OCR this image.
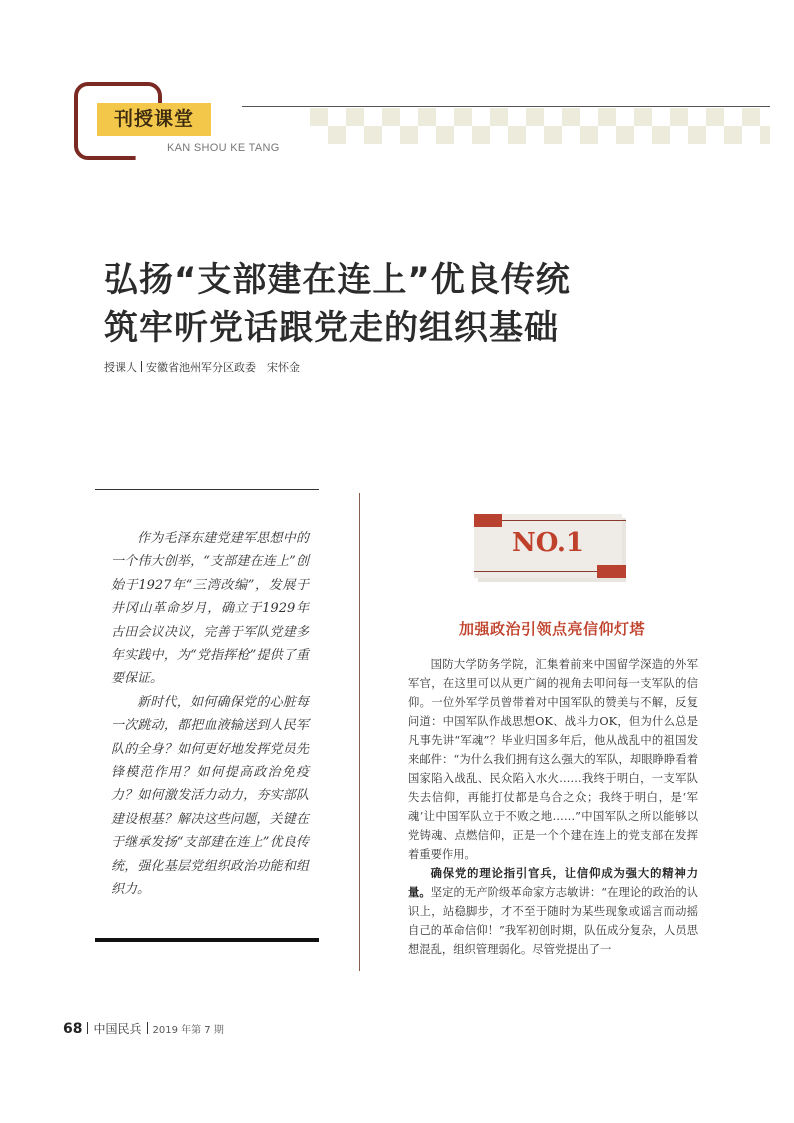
刊授课堂
KAN SHOU KE TANG
弘扬“支部建在连上”优良传统
筑牢听党话跟党走的组织基础
授课人 安徽省池州军分区政委　宋怀金

作为毛泽东建党建军思想中的一个伟大创举，“支部建在连上”创始于1927年“三湾改编”，发展于井冈山革命岁月，确立于1929年古田会议决议，完善于军队党建多年实践中，为“党指挥枪”提供了重要保证。

新时代，如何确保党的心脏每一次跳动，都把血液输送到人民军队的全身？如何更好地发挥党员先锋模范作用？如何提高政治免疫力？如何激发活力动力，夯实部队建设根基？解决这些问题，关键在于继承发扬“支部建在连上”优良传统，强化基层党组织政治功能和组织力。

NO.1
加强政治引领点亮信仰灯塔

国防大学防务学院，汇集着前来中国留学深造的外军军官，在这里可以从更广阔的视角去叩问每一支军队的信仰。一位外军学员曾带着对中国军队的赞美与不解，反复问道：中国军队作战思想OK、战斗力OK，但为什么总是凡事先讲“军魂”？毕业归国多年后，他从战乱中的祖国发来邮件：“为什么我们拥有这么强大的军队，却眼睁睁看着国家陷入战乱、民众陷入水火……我终于明白，一支军队失去信仰，再能打仗都是乌合之众；我终于明白，是‘军魂’让中国军队立于不败之地……”中国军队之所以能够以党铸魂、点燃信仰，正是一个个建在连上的党支部在发挥着重要作用。

确保党的理论指引官兵，让信仰成为强大的精神力量。坚定的无产阶级革命家方志敏讲：“在理论的政治的认识上，站稳脚步，才不至于随时为某些现象或谣言而动摇自己的革命信仰！”我军初创时期，队伍成分复杂，人员思想混乱，组织管理弱化。尽管党提出了一

68 中国民兵 2019 年第 7 期
